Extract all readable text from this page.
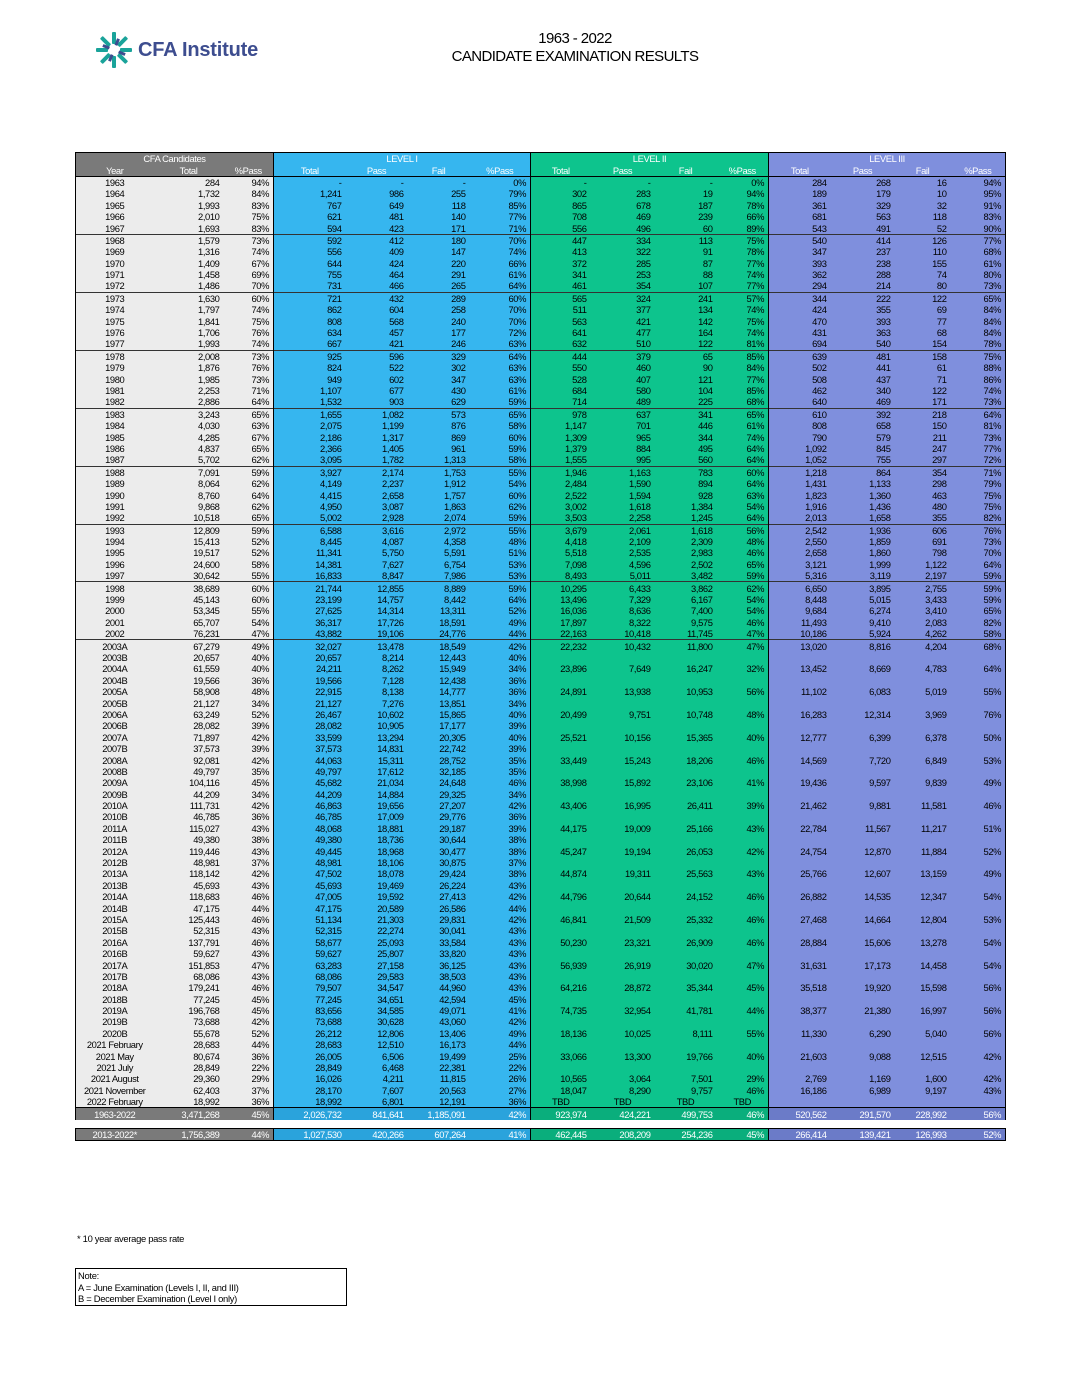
CFA Institute	1963 - 2022
CANDIDATE EXAMINATION RESULTS
CFA Candidates			LEVEL I				LEVEL II				LEVEL III			
Year	Total	%Pass	Total	Pass	Fail	%Pass	Total	Pass	Fail	%Pass	Total	Pass	Fail	%Pass
1963	284	94%	-	-	-	0%	-	-	-	0%	284	268	16	94%
1964	1,732	84%	1,241	986	255	79%	302	283	19	94%	189	179	10	95%
1965	1,993	83%	767	649	118	85%	865	678	187	78%	361	329	32	91%
1966	2,010	75%	621	481	140	77%	708	469	239	66%	681	563	118	83%
1967	1,693	83%	594	423	171	71%	556	496	60	89%	543	491	52	90%
1968	1,579	73%	592	412	180	70%	447	334	113	75%	540	414	126	77%
1969	1,316	74%	556	409	147	74%	413	322	91	78%	347	237	110	68%
1970	1,409	67%	644	424	220	66%	372	285	87	77%	393	238	155	61%
1971	1,458	69%	755	464	291	61%	341	253	88	74%	362	288	74	80%
1972	1,486	70%	731	466	265	64%	461	354	107	77%	294	214	80	73%
1973	1,630	60%	721	432	289	60%	565	324	241	57%	344	222	122	65%
1974	1,797	74%	862	604	258	70%	511	377	134	74%	424	355	69	84%
1975	1,841	75%	808	568	240	70%	563	421	142	75%	470	393	77	84%
1976	1,706	76%	634	457	177	72%	641	477	164	74%	431	363	68	84%
1977	1,993	74%	667	421	246	63%	632	510	122	81%	694	540	154	78%
1978	2,008	73%	925	596	329	64%	444	379	65	85%	639	481	158	75%
1979	1,876	76%	824	522	302	63%	550	460	90	84%	502	441	61	88%
1980	1,985	73%	949	602	347	63%	528	407	121	77%	508	437	71	86%
1981	2,253	71%	1,107	677	430	61%	684	580	104	85%	462	340	122	74%
1982	2,886	64%	1,532	903	629	59%	714	489	225	68%	640	469	171	73%
1983	3,243	65%	1,655	1,082	573	65%	978	637	341	65%	610	392	218	64%
1984	4,030	63%	2,075	1,199	876	58%	1,147	701	446	61%	808	658	150	81%
1985	4,285	67%	2,186	1,317	869	60%	1,309	965	344	74%	790	579	211	73%
1986	4,837	65%	2,366	1,405	961	59%	1,379	884	495	64%	1,092	845	247	77%
1987	5,702	62%	3,095	1,782	1,313	58%	1,555	995	560	64%	1,052	755	297	72%
1988	7,091	59%	3,927	2,174	1,753	55%	1,946	1,163	783	60%	1,218	864	354	71%
1989	8,064	62%	4,149	2,237	1,912	54%	2,484	1,590	894	64%	1,431	1,133	298	79%
1990	8,760	64%	4,415	2,658	1,757	60%	2,522	1,594	928	63%	1,823	1,360	463	75%
1991	9,868	62%	4,950	3,087	1,863	62%	3,002	1,618	1,384	54%	1,916	1,436	480	75%
1992	10,518	65%	5,002	2,928	2,074	59%	3,503	2,258	1,245	64%	2,013	1,658	355	82%
1993	12,809	59%	6,588	3,616	2,972	55%	3,679	2,061	1,618	56%	2,542	1,936	606	76%
1994	15,413	52%	8,445	4,087	4,358	48%	4,418	2,109	2,309	48%	2,550	1,859	691	73%
1995	19,517	52%	11,341	5,750	5,591	51%	5,518	2,535	2,983	46%	2,658	1,860	798	70%
1996	24,600	58%	14,381	7,627	6,754	53%	7,098	4,596	2,502	65%	3,121	1,999	1,122	64%
1997	30,642	55%	16,833	8,847	7,986	53%	8,493	5,011	3,482	59%	5,316	3,119	2,197	59%
1998	38,689	60%	21,744	12,855	8,889	59%	10,295	6,433	3,862	62%	6,650	3,895	2,755	59%
1999	45,143	60%	23,199	14,757	8,442	64%	13,496	7,329	6,167	54%	8,448	5,015	3,433	59%
2000	53,345	55%	27,625	14,314	13,311	52%	16,036	8,636	7,400	54%	9,684	6,274	3,410	65%
2001	65,707	54%	36,317	17,726	18,591	49%	17,897	8,322	9,575	46%	11,493	9,410	2,083	82%
2002	76,231	47%	43,882	19,106	24,776	44%	22,163	10,418	11,745	47%	10,186	5,924	4,262	58%
2003A	67,279	49%	32,027	13,478	18,549	42%	22,232	10,432	11,800	47%	13,020	8,816	4,204	68%
2003B	20,657	40%	20,657	8,214	12,443	40%								
2004A	61,559	40%	24,211	8,262	15,949	34%	23,896	7,649	16,247	32%	13,452	8,669	4,783	64%
2004B	19,566	36%	19,566	7,128	12,438	36%								
2005A	58,908	48%	22,915	8,138	14,777	36%	24,891	13,938	10,953	56%	11,102	6,083	5,019	55%
2005B	21,127	34%	21,127	7,276	13,851	34%								
2006A	63,249	52%	26,467	10,602	15,865	40%	20,499	9,751	10,748	48%	16,283	12,314	3,969	76%
2006B	28,082	39%	28,082	10,905	17,177	39%								
2007A	71,897	42%	33,599	13,294	20,305	40%	25,521	10,156	15,365	40%	12,777	6,399	6,378	50%
2007B	37,573	39%	37,573	14,831	22,742	39%								
2008A	92,081	42%	44,063	15,311	28,752	35%	33,449	15,243	18,206	46%	14,569	7,720	6,849	53%
2008B	49,797	35%	49,797	17,612	32,185	35%								
2009A	104,116	45%	45,682	21,034	24,648	46%	38,998	15,892	23,106	41%	19,436	9,597	9,839	49%
2009B	44,209	34%	44,209	14,884	29,325	34%								
2010A	111,731	42%	46,863	19,656	27,207	42%	43,406	16,995	26,411	39%	21,462	9,881	11,581	46%
2010B	46,785	36%	46,785	17,009	29,776	36%								
2011A	115,027	43%	48,068	18,881	29,187	39%	44,175	19,009	25,166	43%	22,784	11,567	11,217	51%
2011B	49,380	38%	49,380	18,736	30,644	38%								
2012A	119,446	43%	49,445	18,968	30,477	38%	45,247	19,194	26,053	42%	24,754	12,870	11,884	52%
2012B	48,981	37%	48,981	18,106	30,875	37%								
2013A	118,142	42%	47,502	18,078	29,424	38%	44,874	19,311	25,563	43%	25,766	12,607	13,159	49%
2013B	45,693	43%	45,693	19,469	26,224	43%								
2014A	118,683	46%	47,005	19,592	27,413	42%	44,796	20,644	24,152	46%	26,882	14,535	12,347	54%
2014B	47,175	44%	47,175	20,589	26,586	44%								
2015A	125,443	46%	51,134	21,303	29,831	42%	46,841	21,509	25,332	46%	27,468	14,664	12,804	53%
2015B	52,315	43%	52,315	22,274	30,041	43%								
2016A	137,791	46%	58,677	25,093	33,584	43%	50,230	23,321	26,909	46%	28,884	15,606	13,278	54%
2016B	59,627	43%	59,627	25,807	33,820	43%								
2017A	151,853	47%	63,283	27,158	36,125	43%	56,939	26,919	30,020	47%	31,631	17,173	14,458	54%
2017B	68,086	43%	68,086	29,583	38,503	43%								
2018A	179,241	46%	79,507	34,547	44,960	43%	64,216	28,872	35,344	45%	35,518	19,920	15,598	56%
2018B	77,245	45%	77,245	34,651	42,594	45%								
2019A	196,768	45%	83,656	34,585	49,071	41%	74,735	32,954	41,781	44%	38,377	21,380	16,997	56%
2019B	73,688	42%	73,688	30,628	43,060	42%								
2020B	55,678	52%	26,212	12,806	13,406	49%	18,136	10,025	8,111	55%	11,330	6,290	5,040	56%
2021 February	28,683	44%	28,683	12,510	16,173	44%								
2021 May	80,674	36%	26,005	6,506	19,499	25%	33,066	13,300	19,766	40%	21,603	9,088	12,515	42%
2021 July	28,849	22%	28,849	6,468	22,381	22%								
2021 August	29,360	29%	16,026	4,211	11,815	26%	10,565	3,064	7,501	29%	2,769	1,169	1,600	42%
2021 November	62,403	37%	28,170	7,607	20,563	27%	18,047	8,290	9,757	46%	16,186	6,989	9,197	43%
2022 February	18,992	36%	18,992	6,801	12,191	36%	TBD	TBD	TBD	TBD				
1963-2022	3,471,268	45%	2,026,732	841,641	1,185,091	42%	923,974	424,221	499,753	46%	520,562	291,570	228,992	56%

2013-2022*	1,756,389	44%	1,027,530	420,266	607,264	41%	462,445	208,209	254,236	45%	266,414	139,421	126,993	52%
* 10 year average pass rate
Note:
A = June Examination (Levels I, II, and III)
B = December Examination (Level I only)
